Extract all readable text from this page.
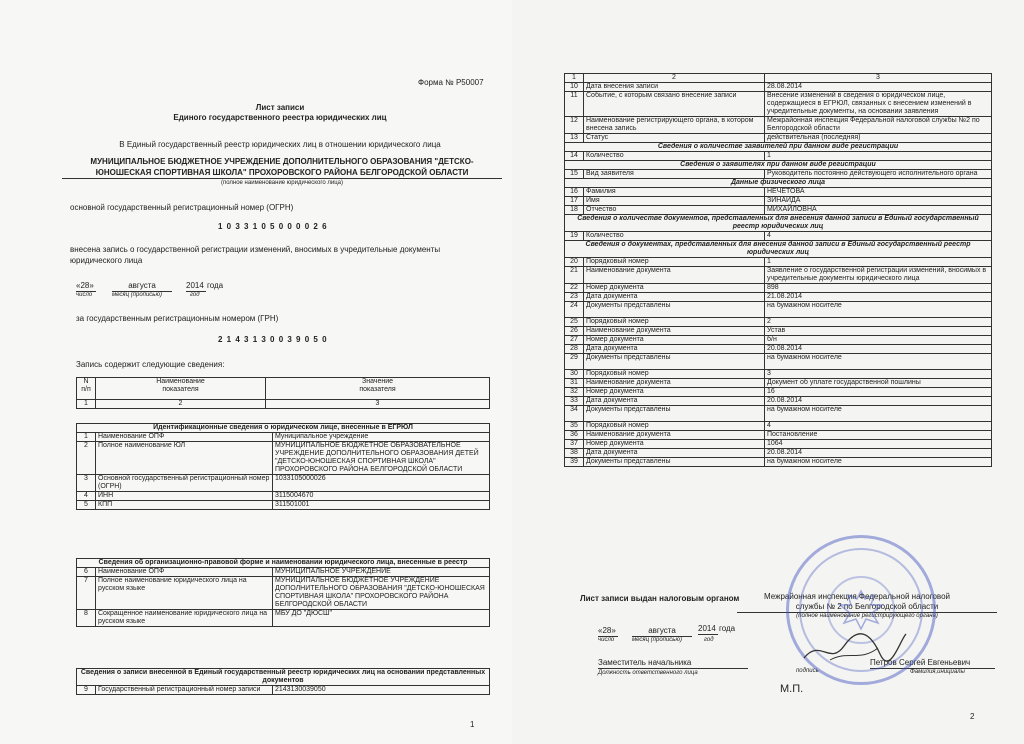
Форма № Р50007
Лист записи
Единого государственного реестра юридических лиц
В Единый государственный реестр юридических лиц в отношении юридического лица
МУНИЦИПАЛЬНОЕ БЮДЖЕТНОЕ УЧРЕЖДЕНИЕ ДОПОЛНИТЕЛЬНОГО ОБРАЗОВАНИЯ "ДЕТСКО-
ЮНОШЕСКАЯ СПОРТИВНАЯ ШКОЛА" ПРОХОРОВСКОГО РАЙОНА БЕЛГОРОДСКОЙ ОБЛАСТИ
(полное наименование юридического лица)
основной государственный регистрационный номер (ОГРН)
1 0 3 3 1 0 5 0 0 0 0 2 6
внесена запись о государственной регистрации изменений, вносимых в учредительные документы
юридического лица
«28»	августа	2014 года
число	месяц (прописью)	год
за государственным регистрационным номером (ГРН)
2 1 4 3 1 3 0 0 3 9 0 5 0
Запись содержит следующие сведения:
N
п/п	Наименование
показателя	Значение
показателя
1	2	3
Идентификационные сведения о юридическом лице, внесенные в ЕГРЮЛ		
1	Наименование ОПФ	Муниципальное учреждение
2	Полное наименование ЮЛ	МУНИЦИПАЛЬНОЕ БЮДЖЕТНОЕ ОБРАЗОВАТЕЛЬНОЕ УЧРЕЖДЕНИЕ ДОПОЛНИТЕЛЬНОГО ОБРАЗОВАНИЯ ДЕТЕЙ "ДЕТСКО-ЮНОШЕСКАЯ СПОРТИВНАЯ ШКОЛА" ПРОХОРОВСКОГО РАЙОНА БЕЛГОРОДСКОЙ ОБЛАСТИ
3	Основной государственный регистрационный номер (ОГРН)	1033105000026
4	ИНН	3115004670
5	КПП	311501001
Сведения об организационно-правовой форме и наименовании юридического лица, внесенные в реестр		
6	Наименование ОПФ	МУНИЦИПАЛЬНОЕ УЧРЕЖДЕНИЕ
7	Полное наименование юридического лица на русском языке	МУНИЦИПАЛЬНОЕ БЮДЖЕТНОЕ УЧРЕЖДЕНИЕ ДОПОЛНИТЕЛЬНОГО ОБРАЗОВАНИЯ "ДЕТСКО-ЮНОШЕСКАЯ СПОРТИВНАЯ ШКОЛА" ПРОХОРОВСКОГО РАЙОНА БЕЛГОРОДСКОЙ ОБЛАСТИ
8	Сокращенное наименование юридического лица на русском языке	МБУ ДО "ДЮСШ"
Сведения о записи внесенной в Единый государственный реестр юридических лиц на основании представленных документов
9	Государственный регистрационный номер записи	2143130039050
1
1	2	3
10	Дата внесения записи	28.08.2014
11	Событие, с которым связано внесение записи	Внесение изменений в сведения о юридическом лице, содержащиеся в ЕГРЮЛ, связанных с внесением изменений в учредительные документы, на основании заявления
12	Наименование регистрирующего органа, в котором внесена запись	Межрайонная инспекция Федеральной налоговой службы №2 по Белгородской области
13	Статус	действительная (последняя)
Сведения о количестве заявителей при данном виде регистрации		
14	Количество	1
Сведения о заявителях при данном виде регистрации		
15	Вид заявителя	Руководитель постоянно действующего исполнительного органа
Данные физического лица		
16	Фамилия	НЕЧЕТОВА
17	Имя	ЗИНАИДА
18	Отчество	МИХАЙЛОВНА
Сведения о количестве документов, представленных для внесения данной записи в Единый государственный реестр юридических лиц		
19	Количество	4
Сведения о документах, представленных для внесения данной записи в Единый государственный реестр юридических лиц		
20	Порядковый номер	1
21	Наименование документа	Заявление о государственной регистрации изменений, вносимых в учредительные документы юридического лица
22	Номер документа	898
23	Дата документа	21.08.2014
24	Документы представлены	на бумажном носителе
25	Порядковый номер	2
26	Наименование документа	Устав
27	Номер документа	б/н
28	Дата документа	20.08.2014
29	Документы представлены	на бумажном носителе
30	Порядковый номер	3
31	Наименование документа	Документ об уплате государственной пошлины
32	Номер документа	16
33	Дата документа	20.08.2014
34	Документы представлены	на бумажном носителе
35	Порядковый номер	4
36	Наименование документа	Постановление
37	Номер документа	1064
38	Дата документа	20.08.2014
39	Документы представлены	на бумажном носителе
Лист записи выдан налоговым органом	Межрайонная инспекция Федеральной налоговой
службы № 2 по Белгородской области
(полное наименование регистрирующего органа)
«28»	августа	2014 года
число	месяц (прописью)	год
Заместитель начальника
Должность ответственного лица	подпись
Петров Сергей Евгеньевич
Фамилия,инициалы
М.П.
2
